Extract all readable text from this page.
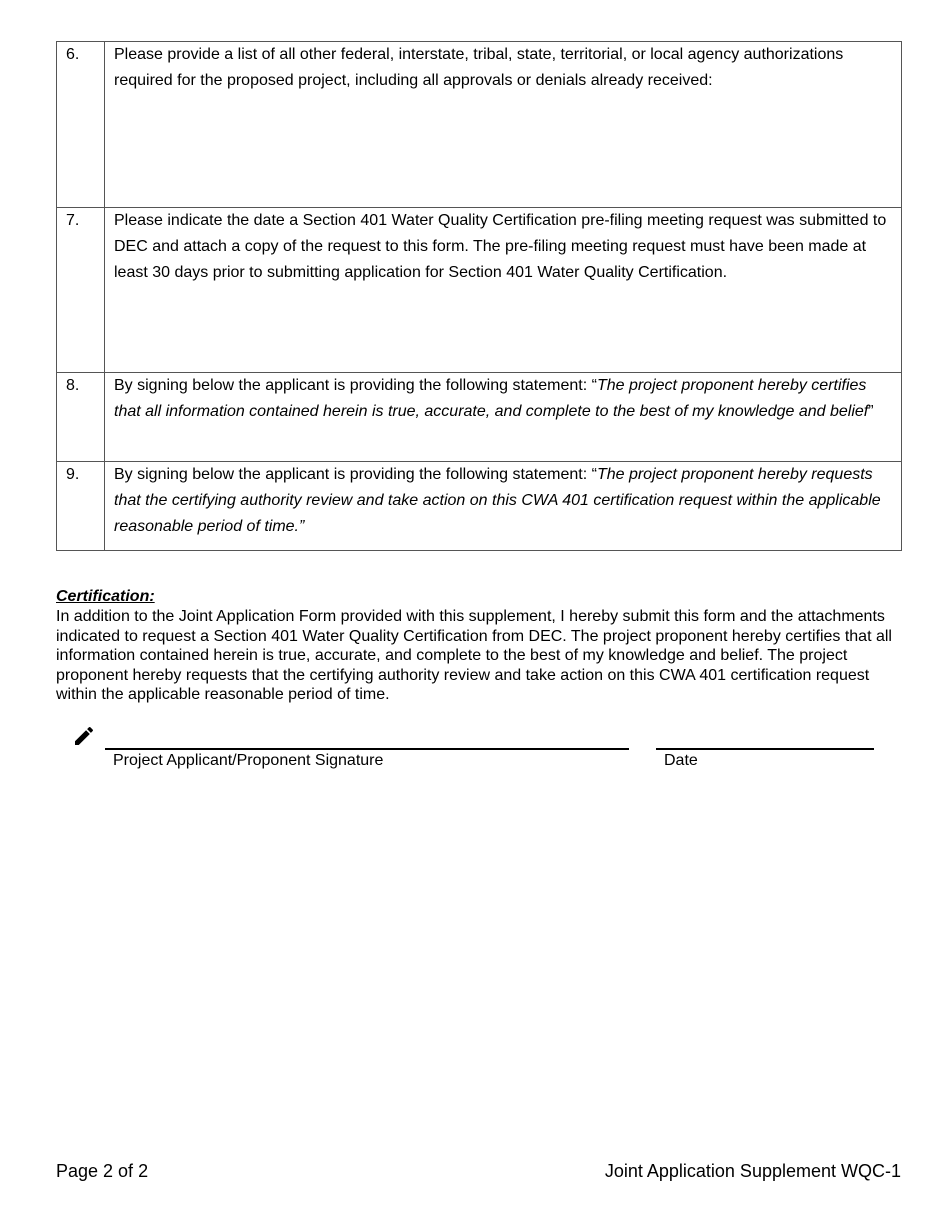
6.	Please provide a list of all other federal, interstate, tribal, state, territorial, or local agency authorizations required for the proposed project, including all approvals or denials already received:
7.	Please indicate the date a Section 401 Water Quality Certification pre-filing meeting request was submitted to DEC and attach a copy of the request to this form. The pre-filing meeting request must have been made at least 30 days prior to submitting application for Section 401 Water Quality Certification.
8.	By signing below the applicant is providing the following statement: “The project proponent hereby certifies that all information contained herein is true, accurate, and complete to the best of my knowledge and belief”
9.	By signing below the applicant is providing the following statement: “The project proponent hereby requests that the certifying authority review and take action on this CWA 401 certification request within the applicable reasonable period of time.”

Certification:

In addition to the Joint Application Form provided with this supplement, I hereby submit this form and the attachments indicated to request a Section 401 Water Quality Certification from DEC. The project proponent hereby certifies that all information contained herein is true, accurate, and complete to the best of my knowledge and belief. The project proponent hereby requests that the certifying authority review and take action on this CWA 401 certification request within the applicable reasonable period of time.

Project Applicant/Proponent Signature	Date
Page 2 of 2	Joint Application Supplement WQC-1
